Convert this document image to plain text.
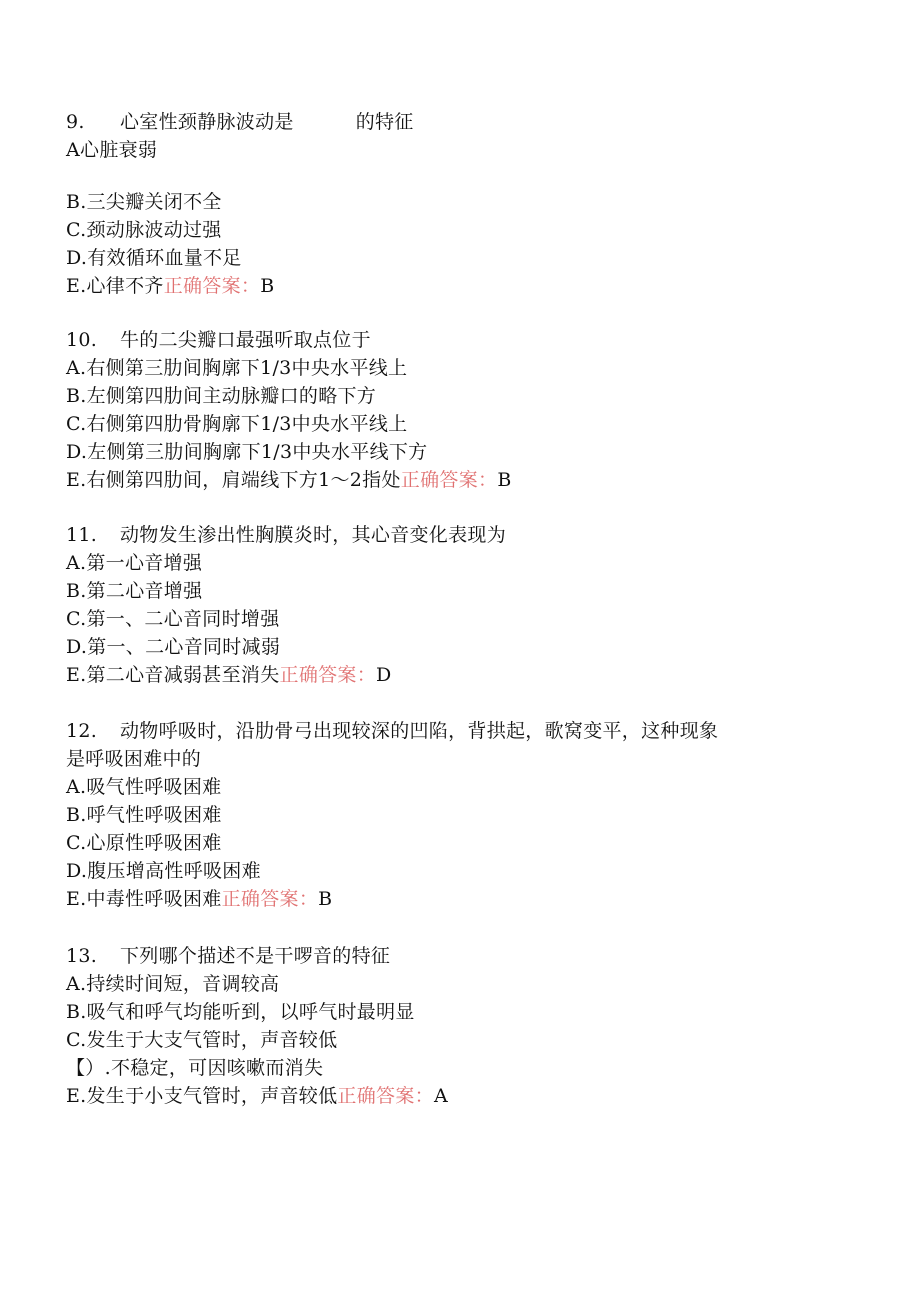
9. 心室性颈静脉波动是	的特征
A心脏衰弱
B.三尖瓣关闭不全
C.颈动脉波动过强
D.有效循环血量不足
E.心律不齐正确答案：B
10. 牛的二尖瓣口最强听取点位于
A.右侧第三肋间胸廓下1/3中央水平线上
B.左侧第四肋间主动脉瓣口的略下方
C.右侧第四肋骨胸廓下1/3中央水平线上
D.左侧第三肋间胸廓下1/3中央水平线下方
E.右侧第四肋间，肩端线下方1～2指处正确答案：B
11. 动物发生渗出性胸膜炎时，其心音变化表现为
A.第一心音增强
B.第二心音增强
C.第一、二心音同时增强
D.第一、二心音同时减弱
E.第二心音减弱甚至消失正确答案：D
12. 动物呼吸时，沿肋骨弓出现较深的凹陷，背拱起，歌窝变平，这种现象
是呼吸困难中的
A.吸气性呼吸困难
B.呼气性呼吸困难
C.心原性呼吸困难
D.腹压增高性呼吸困难
E.中毒性呼吸困难正确答案：B
13. 下列哪个描述不是干啰音的特征
A.持续时间短，音调较高
B.吸气和呼气均能听到，以呼气时最明显
C.发生于大支气管时，声音较低
【）.不稳定，可因咳嗽而消失
E.发生于小支气管时，声音较低正确答案：A
